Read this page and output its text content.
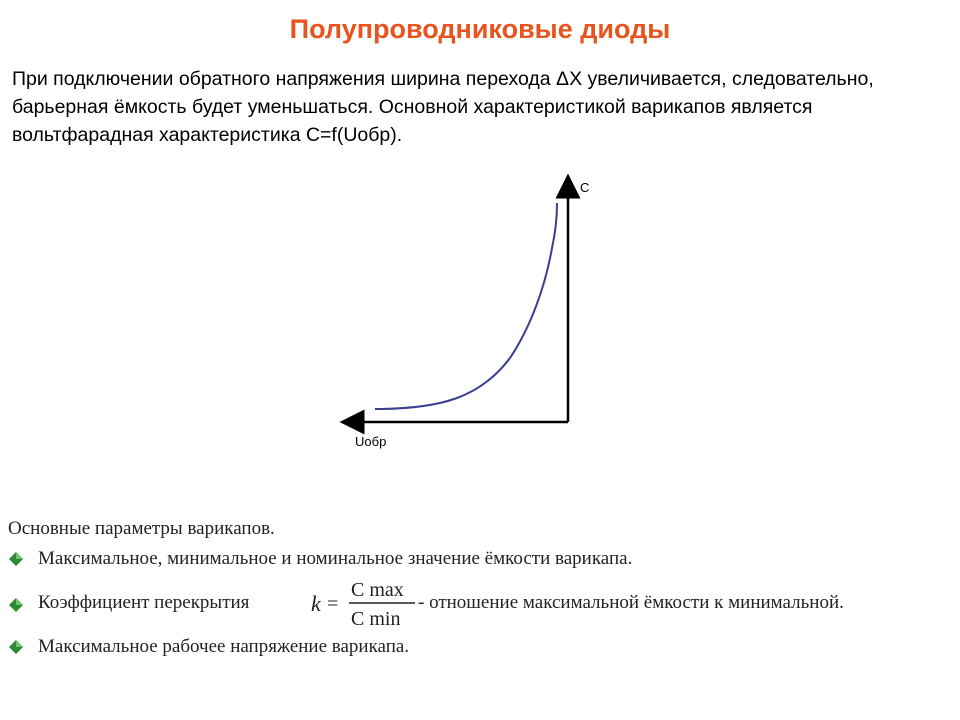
Полупроводниковые диоды

При подключении обратного напряжения ширина перехода ΔX увеличивается, следовательно, барьерная ёмкость будет уменьшаться. Основной характеристикой варикапов является вольтфарадная характеристика C=f(Uобр).

C
Uобр
Основные параметры варикапов.
Максимальное, минимальное и номинальное значение ёмкости варикапа.
Коэффициент перекрытия	k =
C max
C min
- отношение максимальной ёмкости к минимальной.
Максимальное рабочее напряжение варикапа.
